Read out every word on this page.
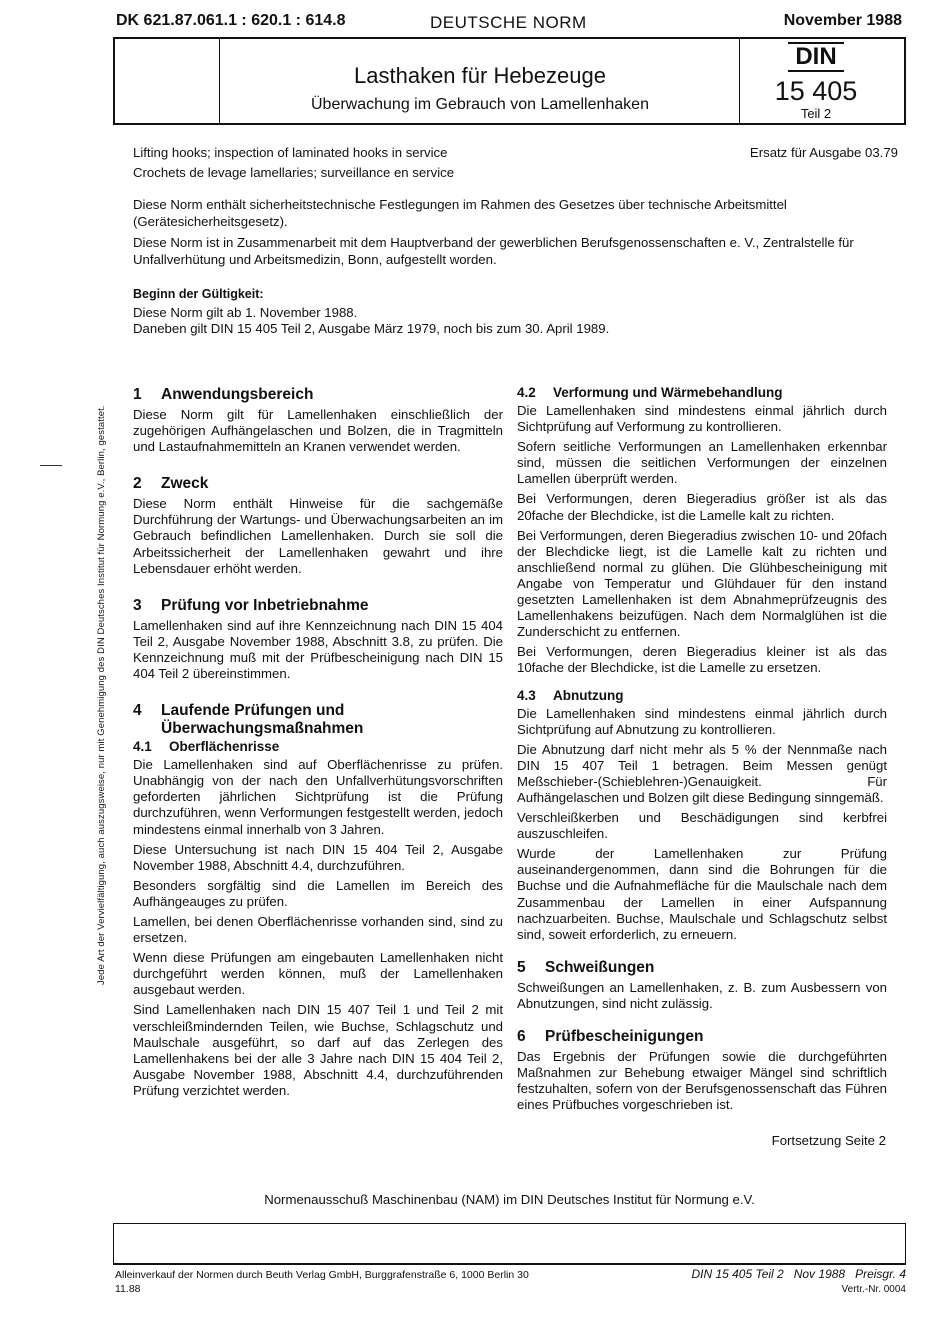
DK 621.87.061.1 : 620.1 : 614.8	DEUTSCHE NORM	November 1988
Lasthaken für Hebezeuge
Überwachung im Gebrauch von Lamellenhaken
DIN
15 405
Teil 2
Lifting hooks; inspection of laminated hooks in service
Crochets de levage lamellaries; surveillance en service
Ersatz für Ausgabe 03.79
Diese Norm enthält sicherheitstechnische Festlegungen im Rahmen des Gesetzes über technische Arbeitsmittel (Gerätesicherheitsgesetz).
Diese Norm ist in Zusammenarbeit mit dem Hauptverband der gewerblichen Berufsgenossenschaften e. V., Zentralstelle für Unfallverhütung und Arbeitsmedizin, Bonn, aufgestellt worden.
Beginn der Gültigkeit:
Diese Norm gilt ab 1. November 1988.
Daneben gilt DIN 15 405 Teil 2, Ausgabe März 1979, noch bis zum 30. April 1989.
1 Anwendungsbereich

Diese Norm gilt für Lamellenhaken einschließlich der zugehörigen Aufhängelaschen und Bolzen, die in Tragmitteln und Lastaufnahmemitteln an Kranen verwendet werden.

2 Zweck

Diese Norm enthält Hinweise für die sachgemäße Durchführung der Wartungs- und Überwachungsarbeiten an im Gebrauch befindlichen Lamellenhaken. Durch sie soll die Arbeitssicherheit der Lamellenhaken gewahrt und ihre Lebensdauer erhöht werden.

3 Prüfung vor Inbetriebnahme

Lamellenhaken sind auf ihre Kennzeichnung nach DIN 15 404 Teil 2, Ausgabe November 1988, Abschnitt 3.8, zu prüfen. Die Kennzeichnung muß mit der Prüfbescheinigung nach DIN 15 404 Teil 2 übereinstimmen.

4 Laufende Prüfungen und
Überwachungsmaßnahmen
4.1 Oberflächenrisse

Die Lamellenhaken sind auf Oberflächenrisse zu prüfen. Unabhängig von der nach den Unfallverhütungsvorschriften geforderten jährlichen Sichtprüfung ist die Prüfung durchzuführen, wenn Verformungen festgestellt werden, jedoch mindestens einmal innerhalb von 3 Jahren.

Diese Untersuchung ist nach DIN 15 404 Teil 2, Ausgabe November 1988, Abschnitt 4.4, durchzuführen.

Besonders sorgfältig sind die Lamellen im Bereich des Aufhängeauges zu prüfen.

Lamellen, bei denen Oberflächenrisse vorhanden sind, sind zu ersetzen.

Wenn diese Prüfungen am eingebauten Lamellenhaken nicht durchgeführt werden können, muß der Lamellenhaken ausgebaut werden.

Sind Lamellenhaken nach DIN 15 407 Teil 1 und Teil 2 mit verschleißmindernden Teilen, wie Buchse, Schlagschutz und Maulschale ausgeführt, so darf auf das Zerlegen des Lamellenhakens bei der alle 3 Jahre nach DIN 15 404 Teil 2, Ausgabe November 1988, Abschnitt 4.4, durchzuführenden Prüfung verzichtet werden.

4.2 Verformung und Wärmebehandlung

Die Lamellenhaken sind mindestens einmal jährlich durch Sichtprüfung auf Verformung zu kontrollieren.

Sofern seitliche Verformungen an Lamellenhaken erkennbar sind, müssen die seitlichen Verformungen der einzelnen Lamellen überprüft werden.

Bei Verformungen, deren Biegeradius größer ist als das 20fache der Blechdicke, ist die Lamelle kalt zu richten.

Bei Verformungen, deren Biegeradius zwischen 10- und 20fach der Blechdicke liegt, ist die Lamelle kalt zu richten und anschließend normal zu glühen. Die Glühbescheinigung mit Angabe von Temperatur und Glühdauer für den instand gesetzten Lamellenhaken ist dem Abnahmeprüfzeugnis des Lamellenhakens beizufügen. Nach dem Normalglühen ist die Zunderschicht zu entfernen.

Bei Verformungen, deren Biegeradius kleiner ist als das 10fache der Blechdicke, ist die Lamelle zu ersetzen.

4.3 Abnutzung

Die Lamellenhaken sind mindestens einmal jährlich durch Sichtprüfung auf Abnutzung zu kontrollieren.

Die Abnutzung darf nicht mehr als 5 % der Nennmaße nach DIN 15 407 Teil 1 betragen. Beim Messen genügt Meßschieber-(Schieblehren-)Genauigkeit. Für Aufhängelaschen und Bolzen gilt diese Bedingung sinngemäß.

Verschleißkerben und Beschädigungen sind kerbfrei auszuschleifen.

Wurde der Lamellenhaken zur Prüfung auseinandergenommen, dann sind die Bohrungen für die Buchse und die Aufnahmefläche für die Maulschale nach dem Zusammenbau der Lamellen in einer Aufspannung nachzuarbeiten. Buchse, Maulschale und Schlagschutz selbst sind, soweit erforderlich, zu erneuern.

5 Schweißungen

Schweißungen an Lamellenhaken, z. B. zum Ausbessern von Abnutzungen, sind nicht zulässig.

6 Prüfbescheinigungen

Das Ergebnis der Prüfungen sowie die durchgeführten Maßnahmen zur Behebung etwaiger Mängel sind schriftlich festzuhalten, sofern von der Berufsgenossenschaft das Führen eines Prüfbuches vorgeschrieben ist.

Fortsetzung Seite 2
Normenausschuß Maschinenbau (NAM) im DIN Deutsches Institut für Normung e.V.
Jede Art der Vervielfältigung, auch auszugsweise, nur mit Genehmigung des DIN Deutsches Institut für Normung e.V., Berlin, gestattet.
Alleinverkauf der Normen durch Beuth Verlag GmbH, Burggrafenstraße 6, 1000 Berlin 30
11.88
DIN 15 405 Teil 2   Nov 1988   Preisgr. 4
Vertr.-Nr. 0004
